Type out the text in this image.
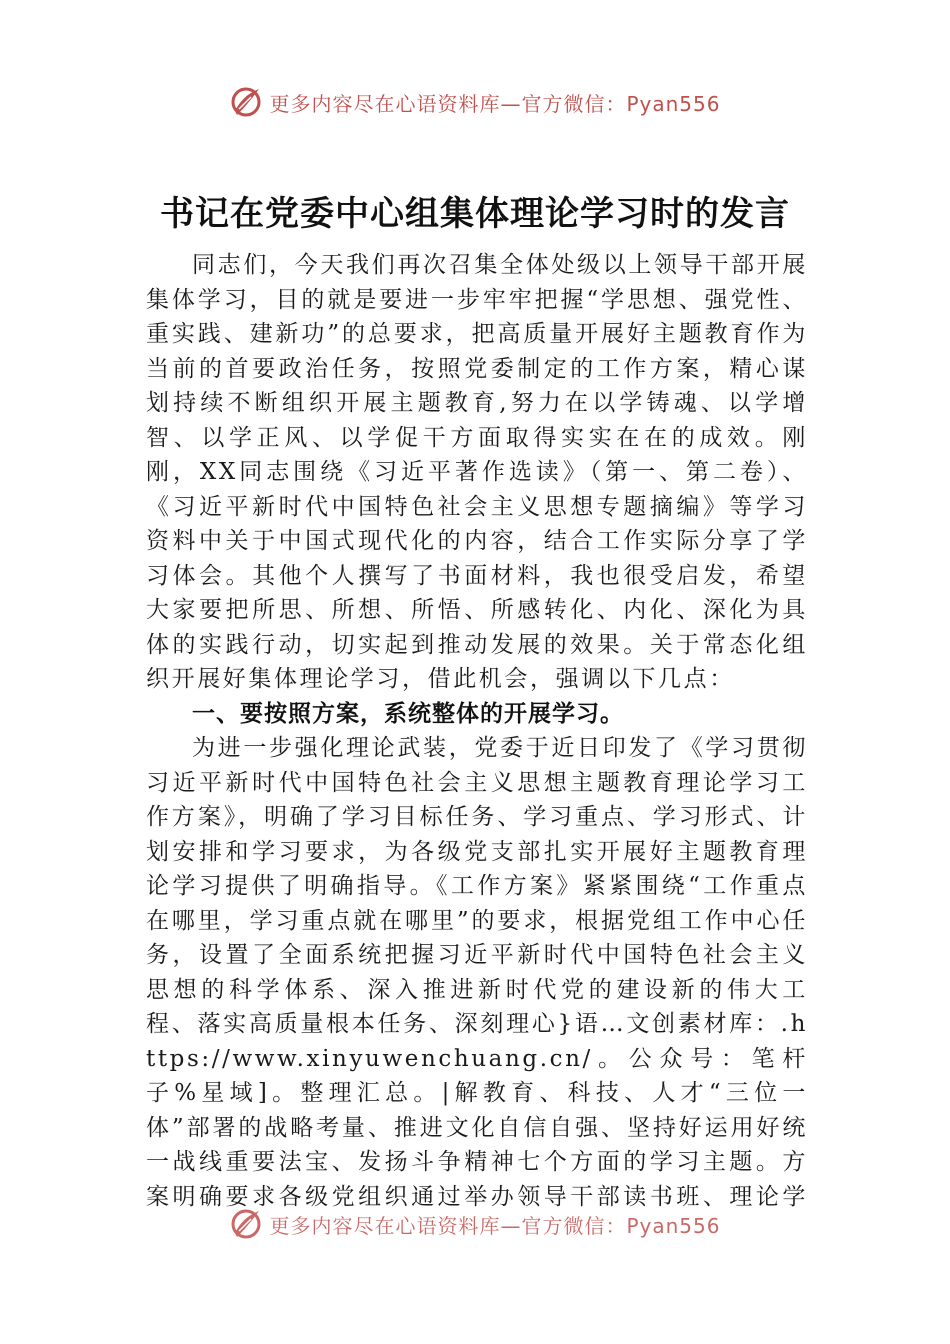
更多内容尽在心语资料库—官方微信：Pyan556
书记在党委中心组集体理论学习时的发言

同志们，今天我们再次召集全体处级以上领导干部开展集体学习，目的就是要进一步牢牢把握“学思想、强党性、重实践、建新功”的总要求，把高质量开展好主题教育作为当前的首要政治任务，按照党委制定的工作方案，精心谋划持续不断组织开展主题教育,努力在以学铸魂、以学增智、以学正风、以学促干方面取得实实在在的成效。刚刚，XX同志围绕《习近平著作选读》（第一、第二卷）、《习近平新时代中国特色社会主义思想专题摘编》等学习资料中关于中国式现代化的内容，结合工作实际分享了学习体会。其他个人撰写了书面材料，我也很受启发，希望大家要把所思、所想、所悟、所感转化、内化、深化为具体的实践行动，切实起到推动发展的效果。关于常态化组织开展好集体理论学习，借此机会，强调以下几点：

一、要按照方案，系统整体的开展学习。

为进一步强化理论武装，党委于近日印发了《学习贯彻习近平新时代中国特色社会主义思想主题教育理论学习工作方案》，明确了学习目标任务、学习重点、学习形式、计划安排和学习要求，为各级党支部扎实开展好主题教育理论学习提供了明确指导。《工作方案》紧紧围绕“工作重点在哪里，学习重点就在哪里”的要求，根据党组工作中心任务，设置了全面系统把握习近平新时代中国特色社会主义思想的科学体系、深入推进新时代党的建设新的伟大工程、落实高质量根本任务、深刻理心}语…文创素材库：.https://www.xinyuwenchuang.cn/。公众号：笔杆子%星域]。整理汇总。|解教育、科技、人才“三位一体”部署的战略考量、推进文化自信自强、坚持好运用好统一战线重要法宝、发扬斗争精神七个方面的学习主题。方案明确要求各级党组织通过举办领导干部读书班、理论学

更多内容尽在心语资料库—官方微信：Pyan556
